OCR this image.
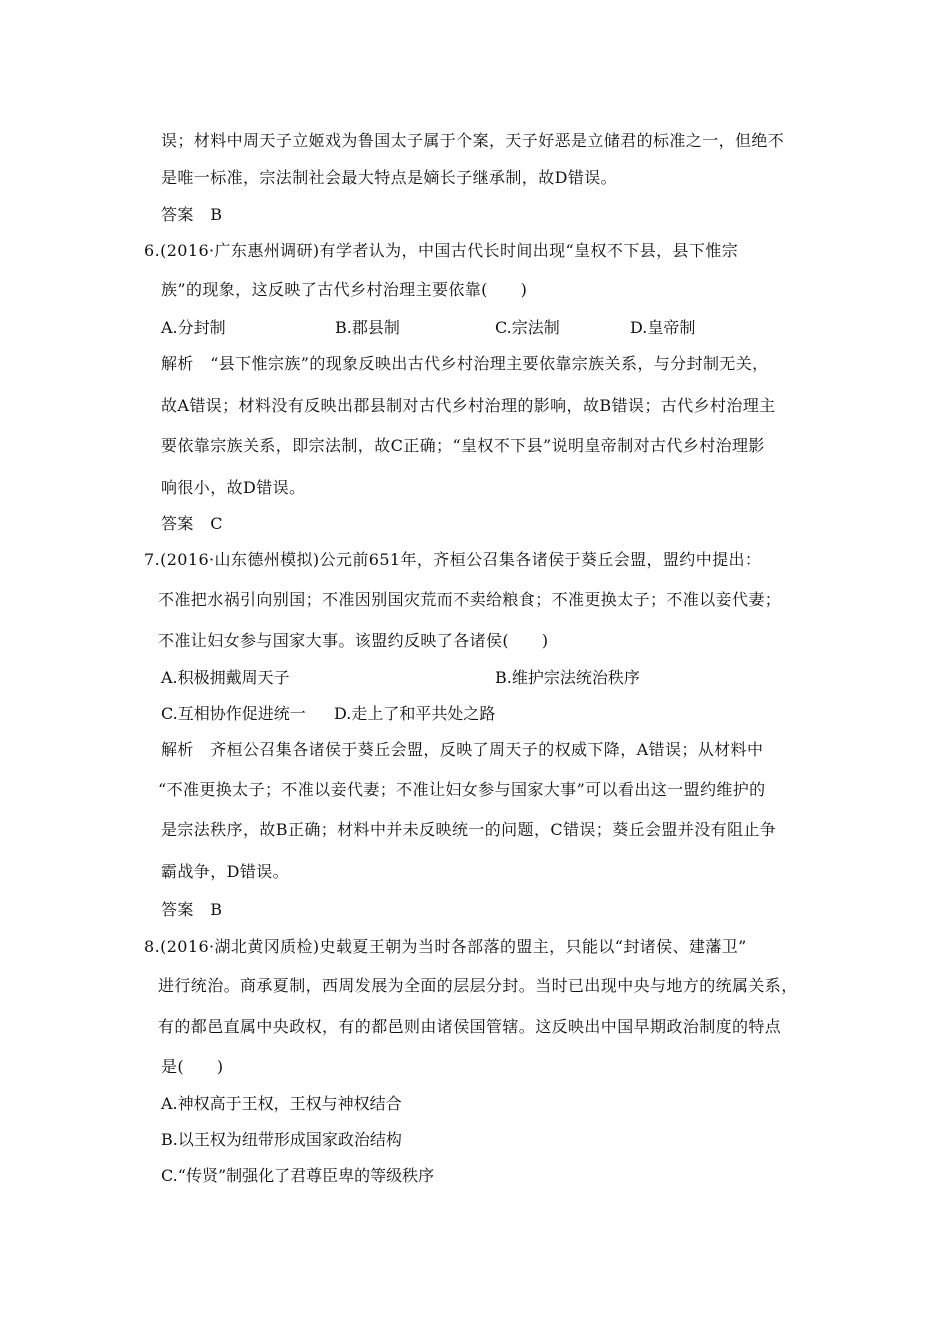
误；材料中周天子立姬戏为鲁国太子属于个案，天子好恶是立储君的标准之一，但绝不
是唯一标准，宗法制社会最大特点是嫡长子继承制，故D错误。
答案　B
6.(2016·广东惠州调研)有学者认为，中国古代长时间出现“皇权不下县，县下惟宗
族”的现象，这反映了古代乡村治理主要依靠(　　)
A.分封制	B.郡县制	C.宗法制	D.皇帝制
解析　“县下惟宗族”的现象反映出古代乡村治理主要依靠宗族关系，与分封制无关，
故A错误；材料没有反映出郡县制对古代乡村治理的影响，故B错误；古代乡村治理主
要依靠宗族关系，即宗法制，故C正确；“皇权不下县”说明皇帝制对古代乡村治理影
响很小，故D错误。
答案　C
7.(2016·山东德州模拟)公元前651年，齐桓公召集各诸侯于葵丘会盟，盟约中提出：
不准把水祸引向别国；不准因别国灾荒而不卖给粮食；不准更换太子；不准以妾代妻；
不准让妇女参与国家大事。该盟约反映了各诸侯(　　)
A.积极拥戴周天子	B.维护宗法统治秩序
C.互相协作促进统一 D.走上了和平共处之路
解析　齐桓公召集各诸侯于葵丘会盟，反映了周天子的权威下降，A错误；从材料中
“不准更换太子；不准以妾代妻；不准让妇女参与国家大事”可以看出这一盟约维护的
是宗法秩序，故B正确；材料中并未反映统一的问题，C错误；葵丘会盟并没有阻止争
霸战争，D错误。
答案　B
8.(2016·湖北黄冈质检)史载夏王朝为当时各部落的盟主，只能以“封诸侯、建藩卫”
进行统治。商承夏制，西周发展为全面的层层分封。当时已出现中央与地方的统属关系，
有的都邑直属中央政权，有的都邑则由诸侯国管辖。这反映出中国早期政治制度的特点
是(　　)
A.神权高于王权，王权与神权结合
B.以王权为纽带形成国家政治结构
C.“传贤”制强化了君尊臣卑的等级秩序
